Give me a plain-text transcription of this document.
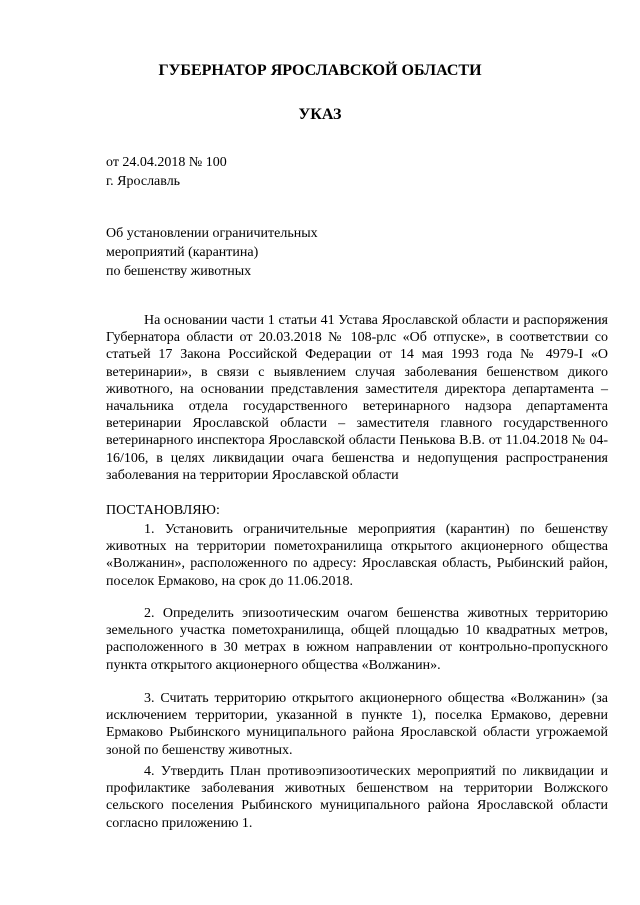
ГУБЕРНАТОР ЯРОСЛАВСКОЙ ОБЛАСТИ
УКАЗ

от 24.04.2018 № 100

г. Ярославль

Об установлении ограничительных

мероприятий (карантина)

по бешенству животных

На основании части 1 статьи 41 Устава Ярославской области и распоряжения Губернатора области от 20.03.2018 № 108-рлс «Об отпуске», в соответствии со статьей 17 Закона Российской Федерации от 14 мая 1993 года № 4979-I «О ветеринарии», в связи с выявлением случая заболевания бешенством дикого животного, на основании представления заместителя директора департамента – начальника отдела государственного ветеринарного надзора департамента ветеринарии Ярославской области – заместителя главного государственного ветеринарного инспектора Ярославской области Пенькова В.В. от 11.04.2018 № 04-16/106, в целях ликвидации очага бешенства и недопущения распространения заболевания на территории Ярославской области

ПОСТАНОВЛЯЮ:

1. Установить ограничительные мероприятия (карантин) по бешенству животных на территории пометохранилища открытого акционерного общества «Волжанин», расположенного по адресу: Ярославская область, Рыбинский район, поселок Ермаково, на срок до 11.06.2018.

2. Определить эпизоотическим очагом бешенства животных территорию земельного участка пометохранилища, общей площадью 10 квадратных метров, расположенного в 30 метрах в южном направлении от контрольно-пропускного пункта открытого акционерного общества «Волжанин».

3. Считать территорию открытого акционерного общества «Волжанин» (за исключением территории, указанной в пункте 1), поселка Ермаково, деревни Ермаково Рыбинского муниципального района Ярославской области угрожаемой зоной по бешенству животных.

4. Утвердить План противоэпизоотических мероприятий по ликвидации и профилактике заболевания животных бешенством на территории Волжского сельского поселения Рыбинского муниципального района Ярославской области согласно приложению 1.
